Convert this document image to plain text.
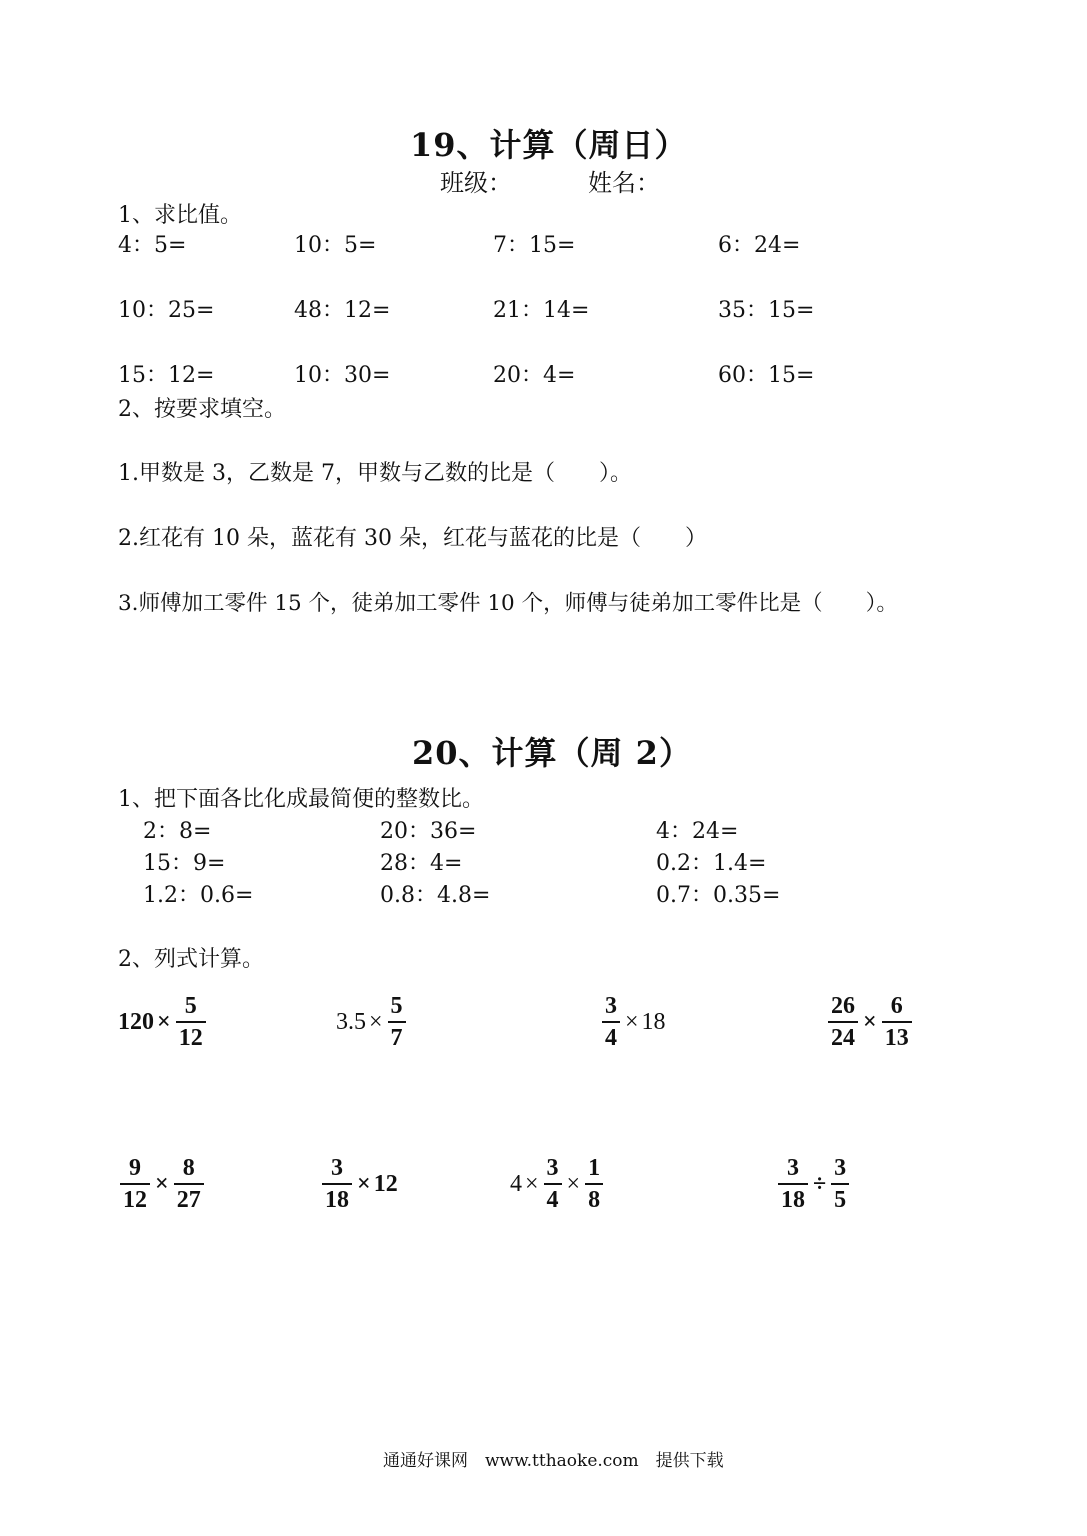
19、计算（周日）
班级：	姓名：
1、求比值。
4：5=	10：5=	7：15=	6：24=
10：25=	48：12=	21：14=	35：15=
15：12=	10：30=	20：4=	60：15=
2、按要求填空。
1.甲数是 3，乙数是 7，甲数与乙数的比是（　　）。
2.红花有 10 朵，蓝花有 30 朵，红花与蓝花的比是（　　）
3.师傅加工零件 15 个，徒弟加工零件 10 个，师傅与徒弟加工零件比是（　　）。
20、计算（周 2）
1、把下面各比化成最简便的整数比。
2：8=	20：36=	4：24=
15：9=	28：4=	0.2：1.4=
1.2：0.6=	0.8：4.8=	0.7：0.35=
2、列式计算。
$120 \times \frac{5}{12}$	$3.5 \times \frac{5}{7}$	$\frac{3}{4} \times 18$	$\frac{26}{24} \times \frac{6}{13}$
$\frac{9}{12} \times \frac{8}{27}$	$\frac{3}{18} \times 12$	$4 \times \frac{3}{4} \times \frac{1}{8}$	$\frac{3}{18} \div \frac{3}{5}$
通通好课网　www.tthaoke.com　提供下载
